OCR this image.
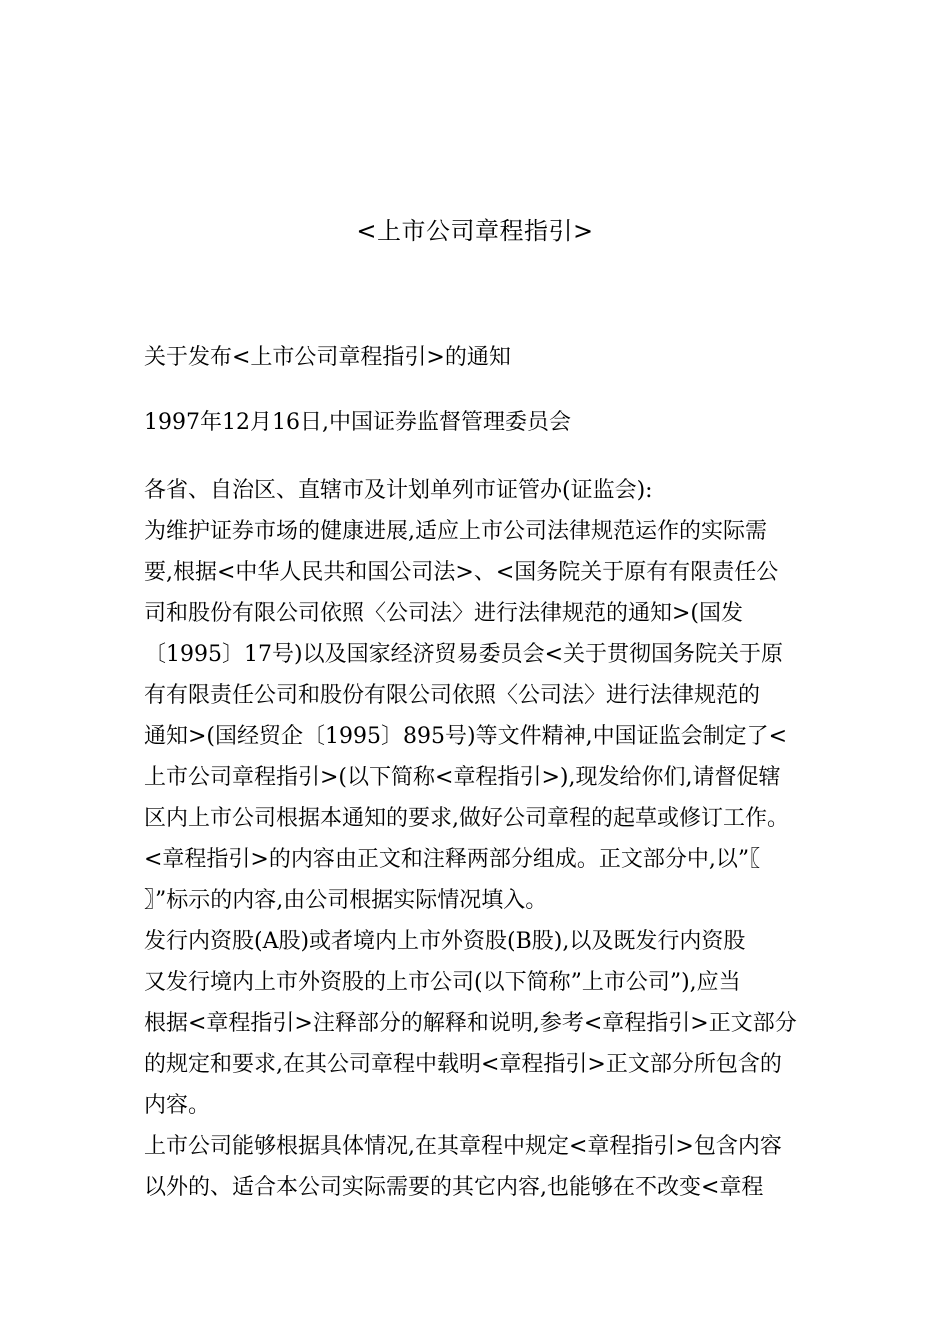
<上市公司章程指引>
关于发布<上市公司章程指引>的通知
1997年12月16日,中国证券监督管理委员会
各省、自治区、直辖市及计划单列市证管办(证监会):
为维护证券市场的健康进展,适应上市公司法律规范运作的实际需
要,根据<中华人民共和国公司法>、<国务院关于原有有限责任公
司和股份有限公司依照〈公司法〉进行法律规范的通知>(国发
〔1995〕17号)以及国家经济贸易委员会<关于贯彻国务院关于原
有有限责任公司和股份有限公司依照〈公司法〉进行法律规范的
通知>(国经贸企〔1995〕895号)等文件精神,中国证监会制定了<
上市公司章程指引>(以下简称<章程指引>),现发给你们,请督促辖
区内上市公司根据本通知的要求,做好公司章程的起草或修订工作。
<章程指引>的内容由正文和注释两部分组成。正文部分中,以”〖
〗”标示的内容,由公司根据实际情况填入。
发行内资股(A股)或者境内上市外资股(B股),以及既发行内资股
又发行境内上市外资股的上市公司(以下简称”上市公司”),应当
根据<章程指引>注释部分的解释和说明,参考<章程指引>正文部分
的规定和要求,在其公司章程中载明<章程指引>正文部分所包含的
内容。
上市公司能够根据具体情况,在其章程中规定<章程指引>包含内容
以外的、适合本公司实际需要的其它内容,也能够在不改变<章程
